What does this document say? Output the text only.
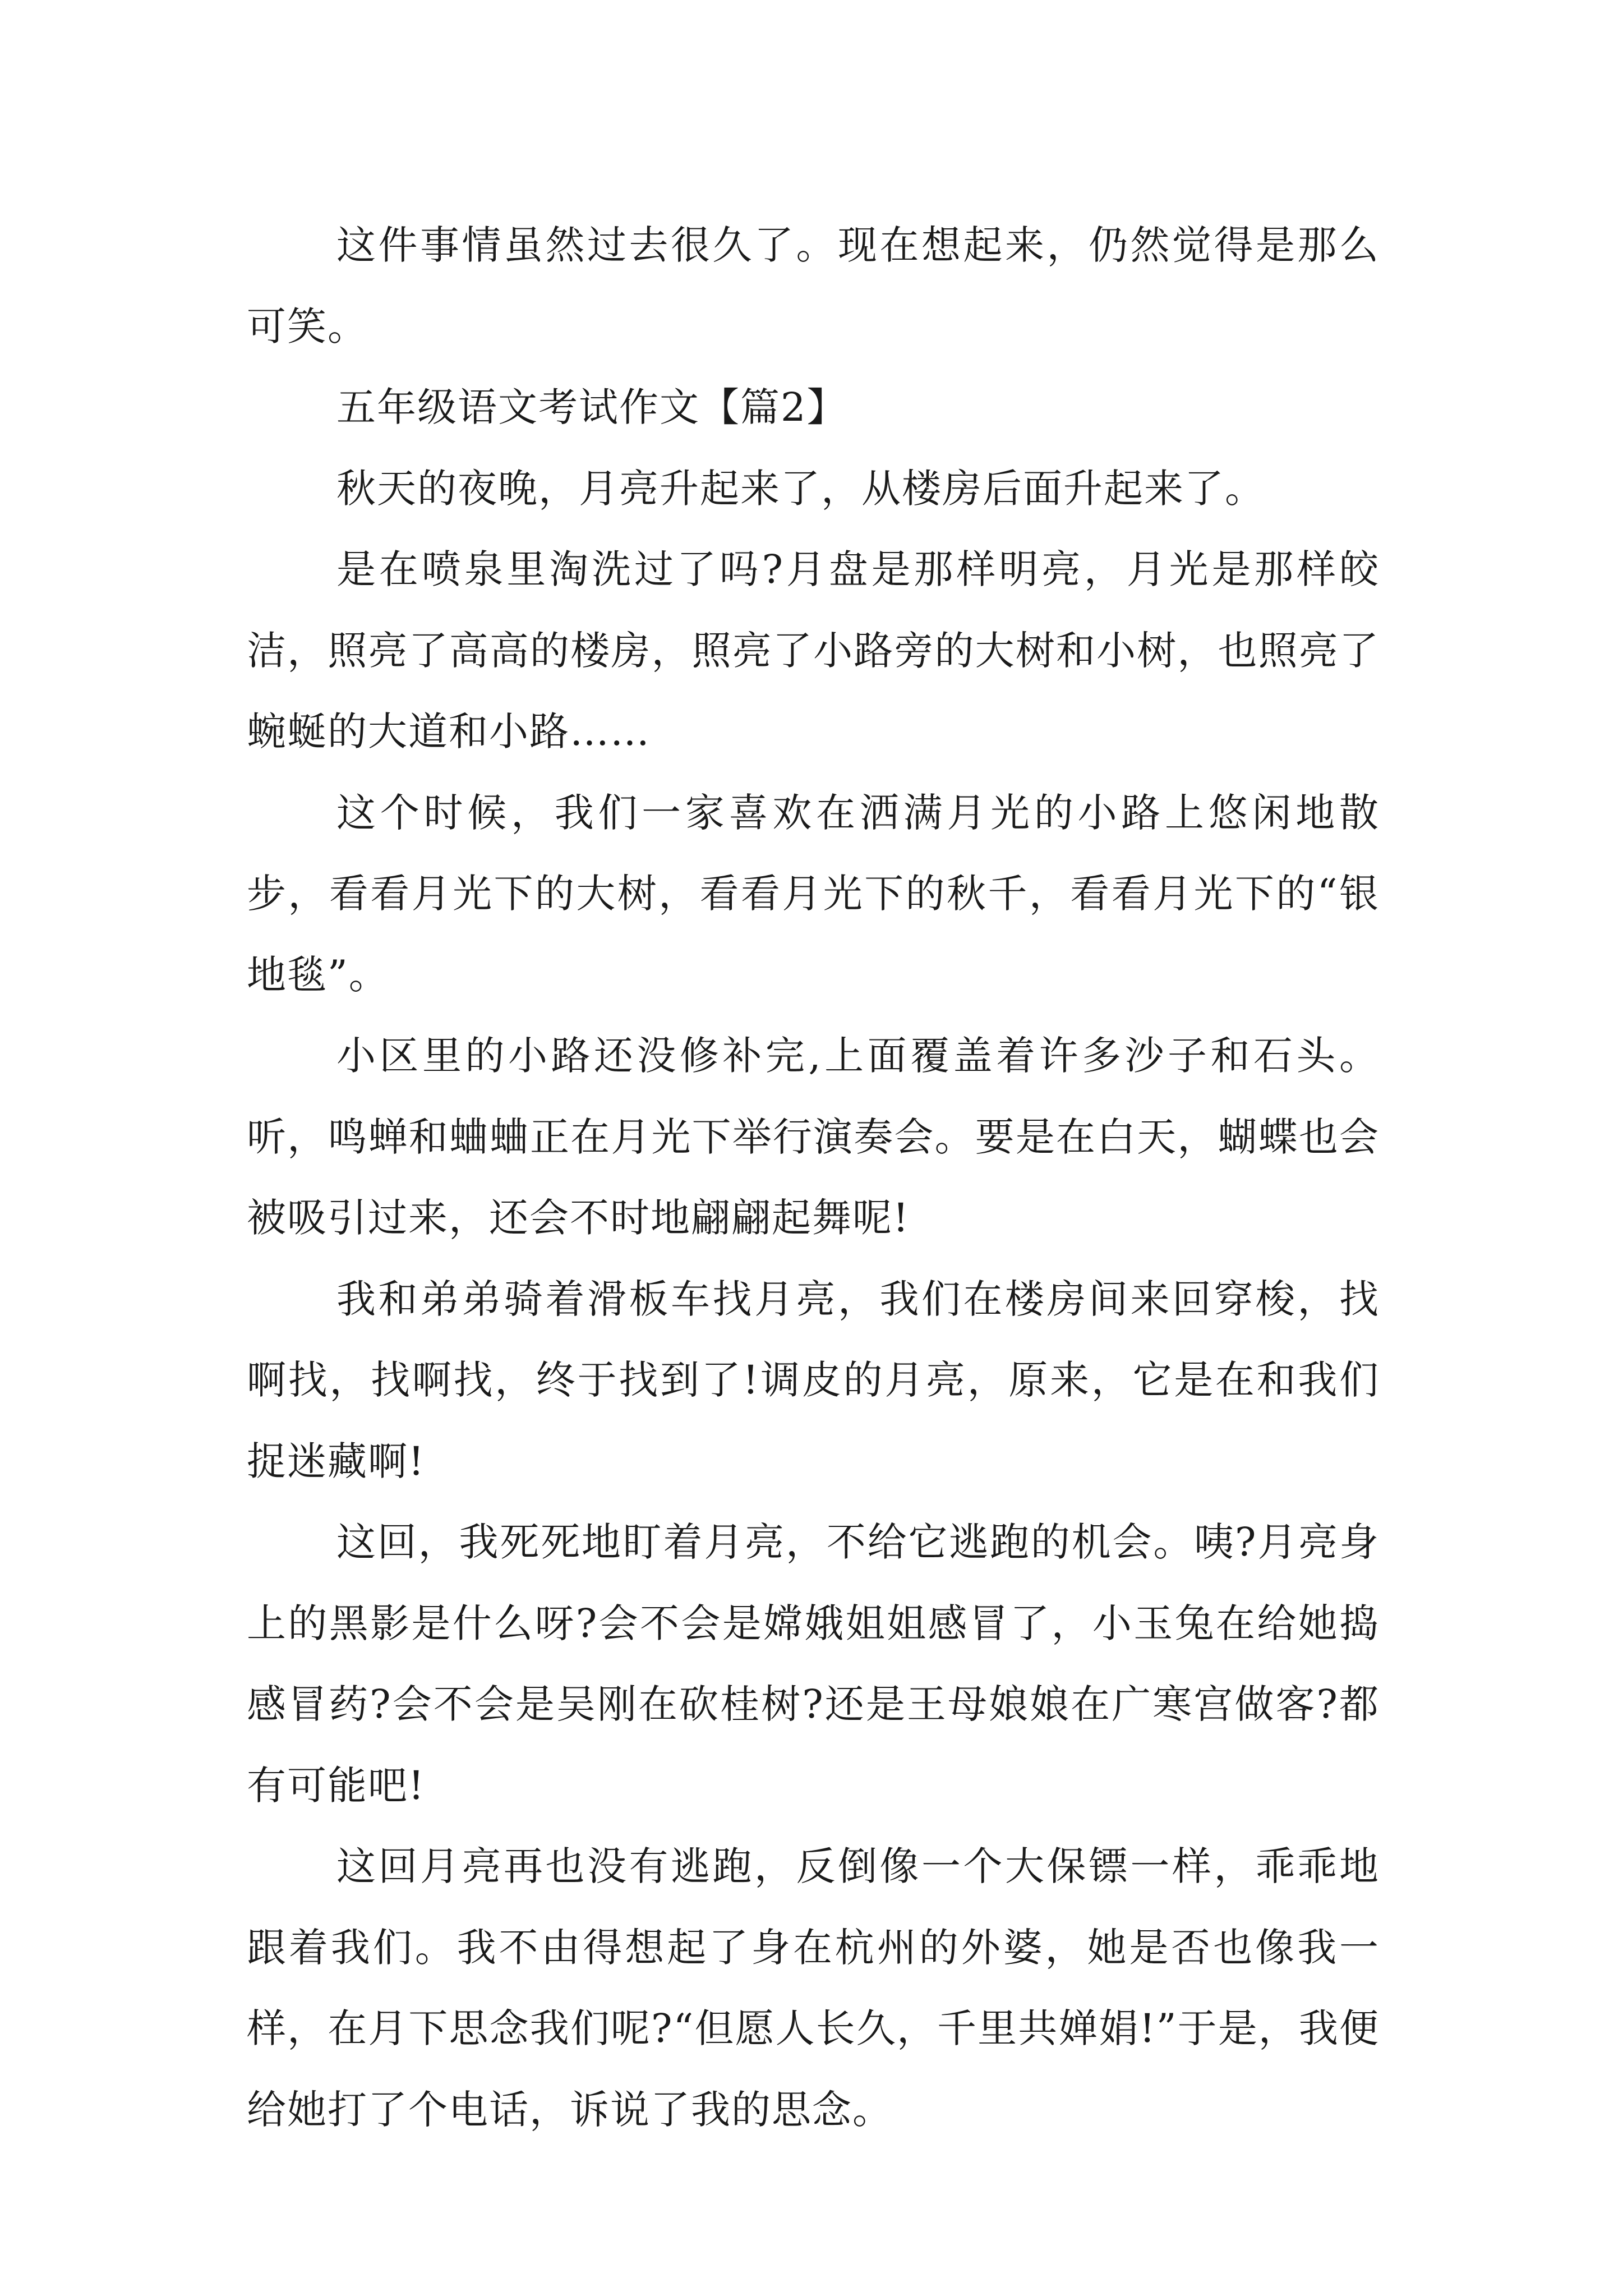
这件事情虽然过去很久了。现在想起来，仍然觉得是那么可笑。

五年级语文考试作文【篇2】

秋天的夜晚，月亮升起来了，从楼房后面升起来了。

是在喷泉里淘洗过了吗?月盘是那样明亮，月光是那样皎洁，照亮了高高的楼房，照亮了小路旁的大树和小树，也照亮了蜿蜒的大道和小路……

这个时候，我们一家喜欢在洒满月光的小路上悠闲地散步，看看月光下的大树，看看月光下的秋千，看看月光下的“银地毯”。

小区里的小路还没修补完,上面覆盖着许多沙子和石头。听，鸣蝉和蛐蛐正在月光下举行演奏会。要是在白天，蝴蝶也会被吸引过来，还会不时地翩翩起舞呢!

我和弟弟骑着滑板车找月亮，我们在楼房间来回穿梭，找啊找，找啊找，终于找到了!调皮的月亮，原来，它是在和我们捉迷藏啊!

这回，我死死地盯着月亮，不给它逃跑的机会。咦?月亮身上的黑影是什么呀?会不会是嫦娥姐姐感冒了，小玉兔在给她捣感冒药?会不会是吴刚在砍桂树?还是王母娘娘在广寒宫做客?都有可能吧!

这回月亮再也没有逃跑，反倒像一个大保镖一样，乖乖地跟着我们。我不由得想起了身在杭州的外婆，她是否也像我一样，在月下思念我们呢?“但愿人长久，千里共婵娟!”于是，我便给她打了个电话，诉说了我的思念。
